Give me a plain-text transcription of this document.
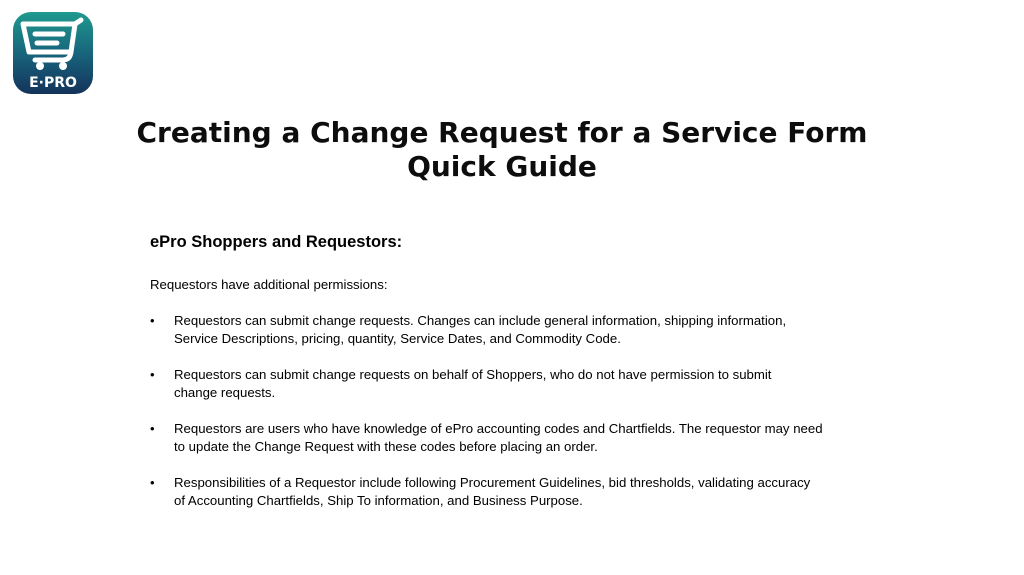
E·PRO
Creating a Change Request for a Service Form
Quick Guide
ePro Shoppers and Requestors:
Requestors have additional permissions:
• Requestors can submit change requests. Changes can include general information, shipping information,
Service Descriptions, pricing, quantity, Service Dates, and Commodity Code.
• Requestors can submit change requests on behalf of Shoppers, who do not have permission to submit
change requests.
• Requestors are users who have knowledge of ePro accounting codes and Chartfields. The requestor may need
to update the Change Request with these codes before placing an order.
• Responsibilities of a Requestor include following Procurement Guidelines, bid thresholds, validating accuracy
of Accounting Chartfields, Ship To information, and Business Purpose.
